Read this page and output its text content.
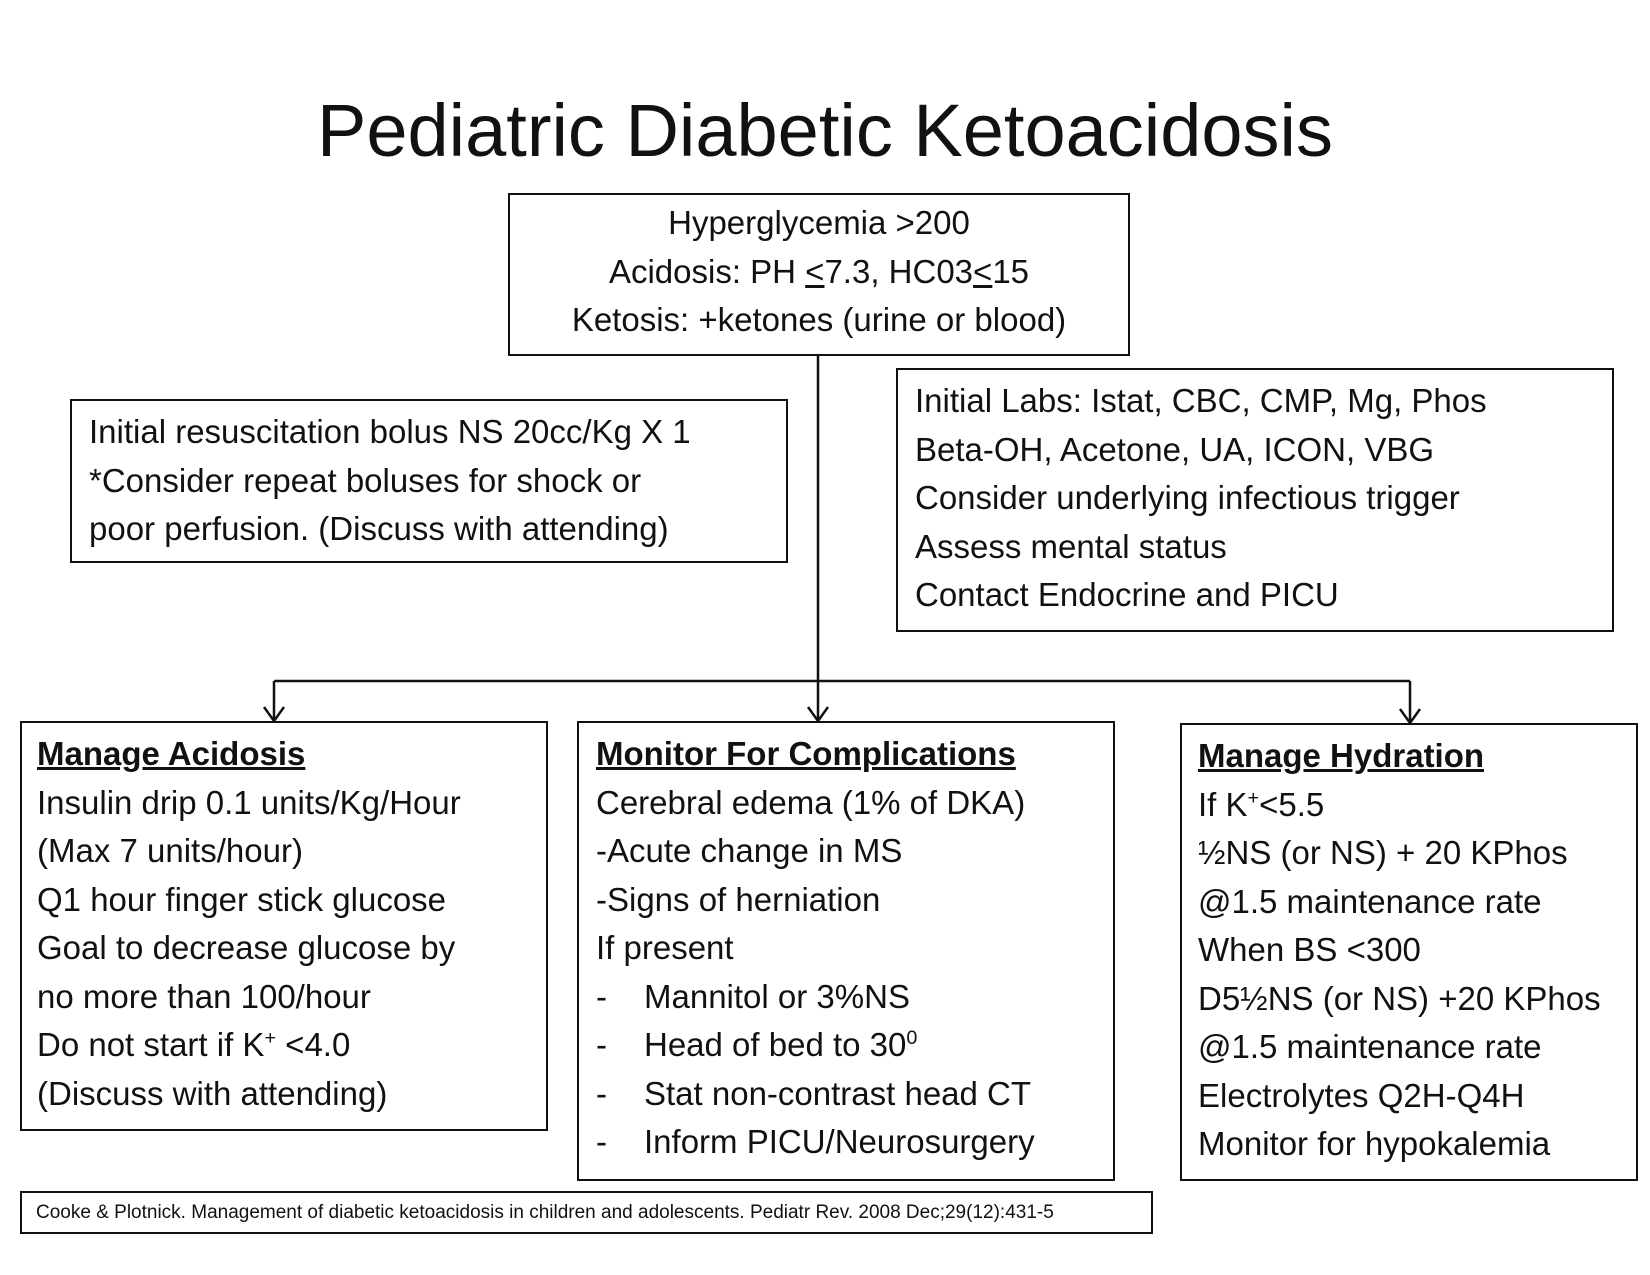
Pediatric Diabetic Ketoacidosis
Hyperglycemia >200
Acidosis: PH <7.3, HC03<15
Ketosis: +ketones (urine or blood)
Initial resuscitation bolus NS 20cc/Kg X 1
*Consider repeat boluses for shock or
poor perfusion. (Discuss with attending)
Initial Labs: Istat, CBC, CMP, Mg, Phos
Beta-OH, Acetone, UA, ICON, VBG
Consider underlying infectious trigger
Assess mental status
Contact Endocrine and PICU
Manage Acidosis
Insulin drip 0.1 units/Kg/Hour
(Max 7 units/hour)
Q1 hour finger stick glucose
Goal to decrease glucose by
no more than 100/hour
Do not start if K+ <4.0
(Discuss with attending)
Monitor For Complications
Cerebral edema (1% of DKA)
-Acute change in MS
-Signs of herniation
If present
-	Mannitol or 3%NS
-	Head of bed to $30^0$
-	Stat non-contrast head CT
-	Inform PICU/Neurosurgery
Manage Hydration
If K+<5.5
½NS (or NS) + 20 KPhos
@1.5 maintenance rate
When BS <300
D5½NS (or NS) +20 KPhos
@1.5 maintenance rate
Electrolytes Q2H-Q4H
Monitor for hypokalemia
Cooke & Plotnick. Management of diabetic ketoacidosis in children and adolescents. Pediatr Rev. 2008 Dec;29(12):431-5
